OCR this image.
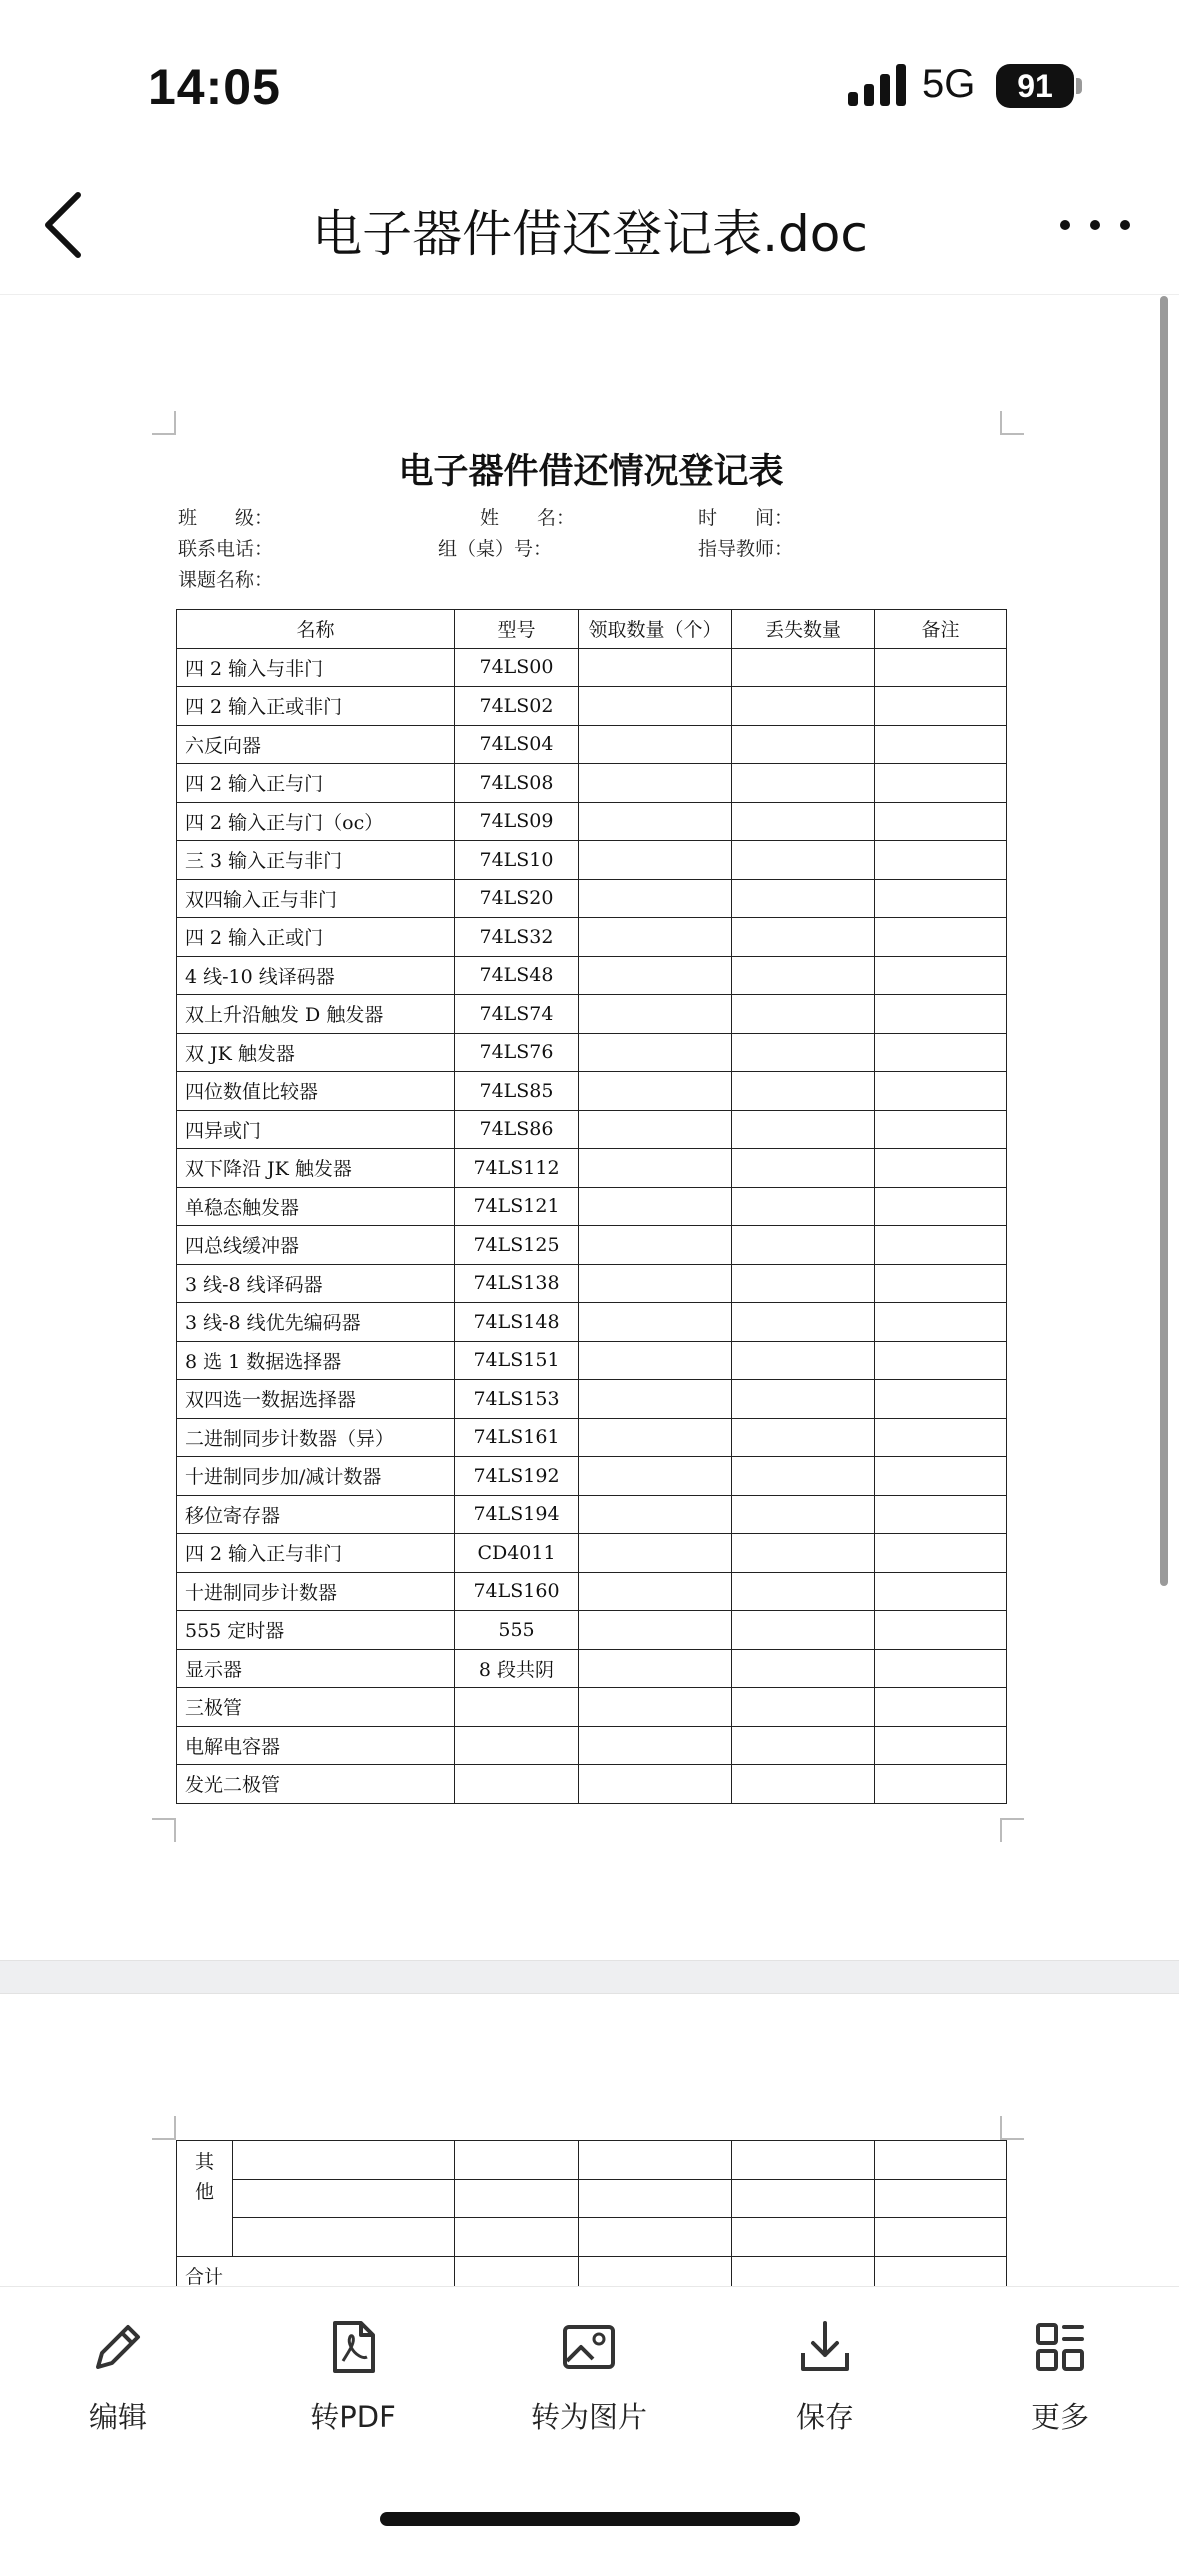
14:05	5G	91
电子器件借还登记表.doc
电子器件借还情况登记表
班　　级：	姓　　名：	时　　间：
联系电话：	组（桌）号：	指导教师：
课题名称：
名称	型号	领取数量（个）	丢失数量	备注
四 2 输入与非门	74LS00			
四 2 输入正或非门	74LS02			
六反向器	74LS04			
四 2 输入正与门	74LS08			
四 2 输入正与门（oc）	74LS09			
三 3 输入正与非门	74LS10			
双四输入正与非门	74LS20			
四 2 输入正或门	74LS32			
4 线-10 线译码器	74LS48			
双上升沿触发 D 触发器	74LS74			
双 JK 触发器	74LS76			
四位数值比较器	74LS85			
四异或门	74LS86			
双下降沿 JK 触发器	74LS112			
单稳态触发器	74LS121			
四总线缓冲器	74LS125			
3 线-8 线译码器	74LS138			
3 线-8 线优先编码器	74LS148			
8 选 1 数据选择器	74LS151			
双四选一数据选择器	74LS153			
二进制同步计数器（异）	74LS161			
十进制同步加/减计数器	74LS192			
移位寄存器	74LS194			
四 2 输入正与非门	CD4011			
十进制同步计数器	74LS160			
555 定时器	555			
显示器	8 段共阴			
三极管				
电解电容器				
发光二极管				
其他					

合计					
编辑	转PDF	转为图片	保存	更多
